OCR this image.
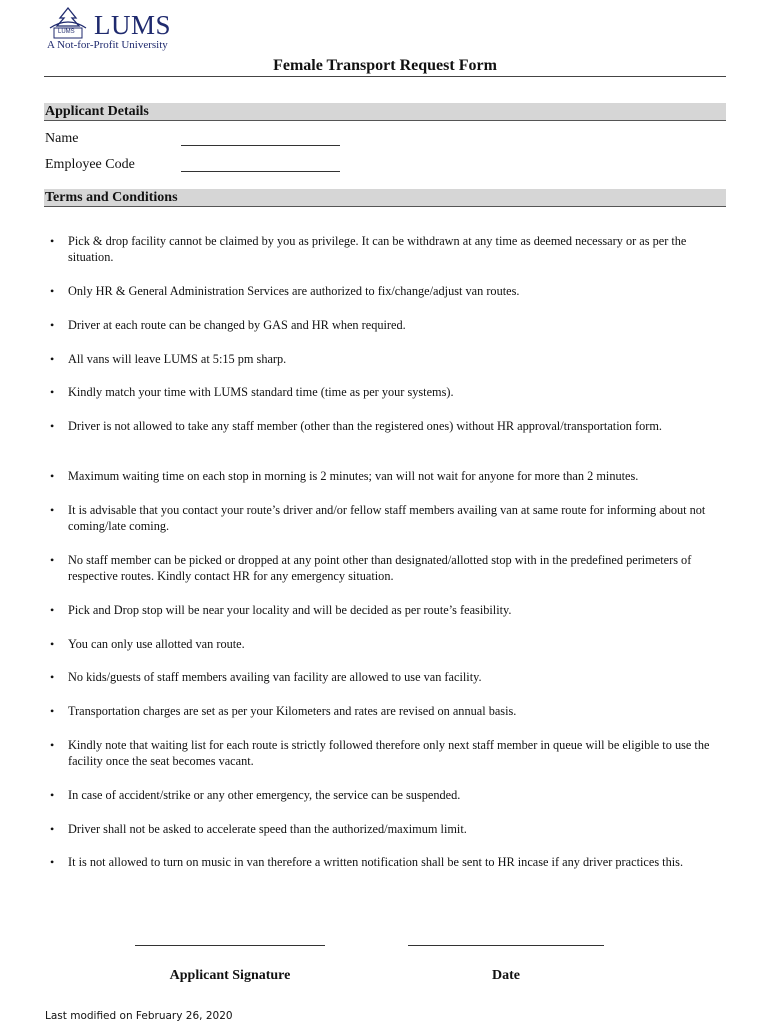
LUMS LUMS
A Not-for-Profit University
Female Transport Request Form
Applicant Details
Name
Employee Code
Terms and Conditions
• Pick & drop facility cannot be claimed by you as privilege. It can be withdrawn at any time as deemed necessary or as per the situation.
• Only HR & General Administration Services are authorized to fix/change/adjust van routes.
• Driver at each route can be changed by GAS and HR when required.
• All vans will leave LUMS at 5:15 pm sharp.
• Kindly match your time with LUMS standard time (time as per your systems).
• Driver is not allowed to take any staff member (other than the registered ones) without HR approval/transportation form.
• Maximum waiting time on each stop in morning is 2 minutes; van will not wait for anyone for more than 2 minutes.
• It is advisable that you contact your route’s driver and/or fellow staff members availing van at same route for informing about not coming/late coming.
• No staff member can be picked or dropped at any point other than designated/allotted stop with in the predefined perimeters of respective routes. Kindly contact HR for any emergency situation.
• Pick and Drop stop will be near your locality and will be decided as per route’s feasibility.
• You can only use allotted van route.
• No kids/guests of staff members availing van facility are allowed to use van facility.
• Transportation charges are set as per your Kilometers and rates are revised on annual basis.
• Kindly note that waiting list for each route is strictly followed therefore only next staff member in queue will be eligible to use the facility once the seat becomes vacant.
• In case of accident/strike or any other emergency, the service can be suspended.
• Driver shall not be asked to accelerate speed than the authorized/maximum limit.
• It is not allowed to turn on music in van therefore a written notification shall be sent to HR incase if any driver practices this.
Applicant Signature	Date
Last modified on February 26, 2020
